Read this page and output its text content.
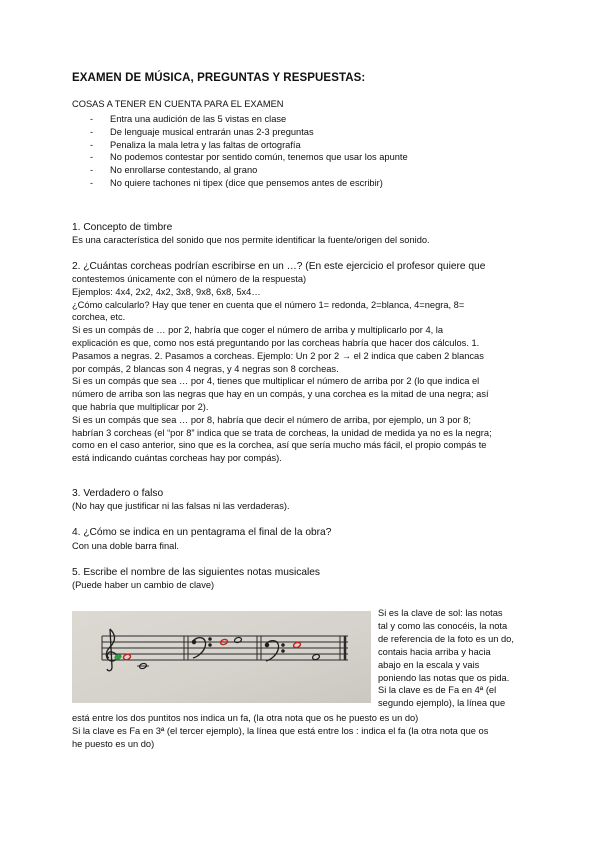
EXAMEN DE MÚSICA, PREGUNTAS Y RESPUESTAS:
COSAS A TENER EN CUENTA PARA EL EXAMEN
- Entra una audición de las 5 vistas en clase
- De lenguaje musical entrarán unas 2-3 preguntas
- Penaliza la mala letra y las faltas de ortografía
- No podemos contestar por sentido común, tenemos que usar los apunte
- No enrollarse contestando, al grano
- No quiere tachones ni tipex (dice que pensemos antes de escribir)
1. Concepto de timbre

Es una característica del sonido que nos permite identificar la fuente/origen del sonido.

2. ¿Cuántas corcheas podrían escribirse en un …? (En este ejercicio el profesor quiere que

contestemos únicamente con el número de la respuesta)

Ejemplos: 4x4, 2x2, 4x2, 3x8, 9x8, 6x8, 5x4…

¿Cómo calcularlo? Hay que tener en cuenta que el número 1= redonda, 2=blanca, 4=negra, 8=

corchea, etc.

Si es un compás de … por 2, habría que coger el número de arriba y multiplicarlo por 4, la

explicación es que, como nos está preguntando por las corcheas habría que hacer dos cálculos. 1.

Pasamos a negras. 2. Pasamos a corcheas. Ejemplo: Un 2 por 2 → el 2 indica que caben 2 blancas

por compás, 2 blancas son 4 negras, y 4 negras son 8 corcheas.

Si es un compás que sea … por 4, tienes que multiplicar el número de arriba por 2 (lo que indica el

número de arriba son las negras que hay en un compás, y una corchea es la mitad de una negra; así

que habría que multiplicar por 2).

Si es un compás que sea … por 8, habría que decir el número de arriba, por ejemplo, un 3 por 8;

habrían 3 corcheas (el “por 8” indica que se trata de corcheas, la unidad de medida ya no es la negra;

como en el caso anterior, sino que es la corchea, así que sería mucho más fácil, el propio compás te

está indicando cuántas corcheas hay por compás).

3. Verdadero o falso

(No hay que justificar ni las falsas ni las verdaderas).

4. ¿Cómo se indica en un pentagrama el final de la obra?

Con una doble barra final.

5. Escribe el nombre de las siguientes notas musicales
(Puede haber un cambio de clave)

Si es la clave de sol: las notas

tal y como las conocéis, la nota

de referencia de la foto es un do,

contais hacia arriba y hacia

abajo en la escala y vais

poniendo las notas que os pida.

Si la clave es de Fa en 4ª (el

segundo ejemplo), la línea que

está entre los dos puntitos nos indica un fa, (la otra nota que os he puesto es un do)

Si la clave es Fa en 3ª (el tercer ejemplo), la línea que está entre los : indica el fa (la otra nota que os

he puesto es un do)
